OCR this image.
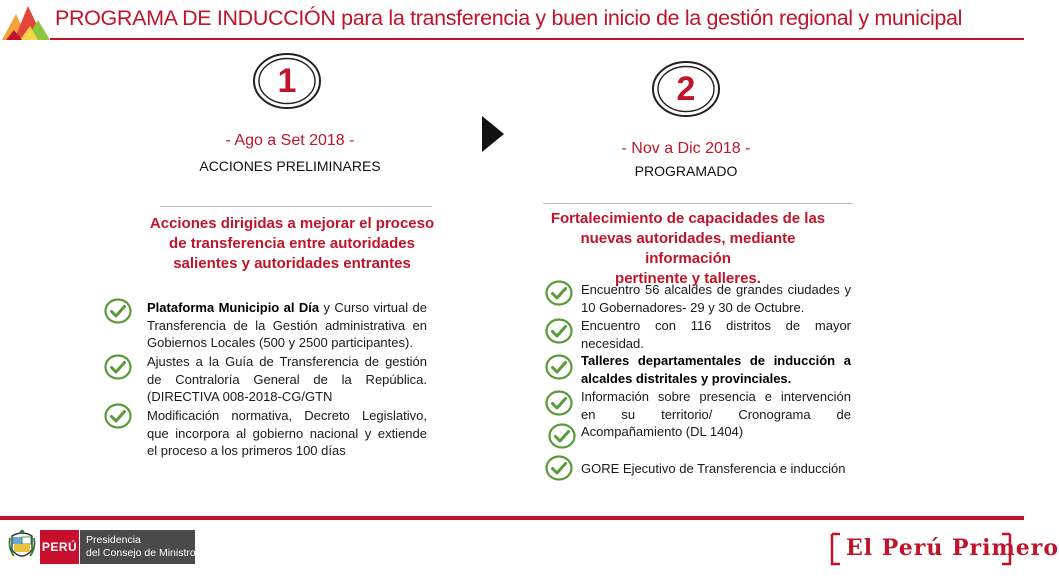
PROGRAMA DE INDUCCIÓN para la transferencia y buen inicio de la gestión regional y municipal
1
- Ago a Set 2018 -
ACCIONES PRELIMINARES
Acciones dirigidas a mejorar el proceso
de transferencia entre autoridades
salientes y autoridades entrantes
Plataforma Municipio al Día y Curso virtual de
Transferencia de la Gestión administrativa en
Gobiernos Locales (500 y 2500 participantes).
Ajustes a la Guía de Transferencia de gestión
de Contraloría General de la República.
(DIRECTIVA 008-2018-CG/GTN
Modificación normativa, Decreto Legislativo,
que incorpora al gobierno nacional y extiende
el proceso a los primeros 100 días
2
- Nov a Dic 2018 -
PROGRAMADO
Fortalecimiento de capacidades de las
nuevas autoridades, mediante información
pertinente y talleres.
Encuentro 56 alcaldes de grandes ciudades y
10 Gobernadores- 29 y 30 de Octubre.
Encuentro con 116 distritos de mayor
necesidad.
Talleres departamentales de inducción a
alcaldes distritales y provinciales.
Información sobre presencia e intervención
en su territorio/ Cronograma de
Acompañamiento (DL 1404)
GORE Ejecutivo de Transferencia e inducción
PERÚ Presidencia
del Consejo de Ministros	El Perú Primero
